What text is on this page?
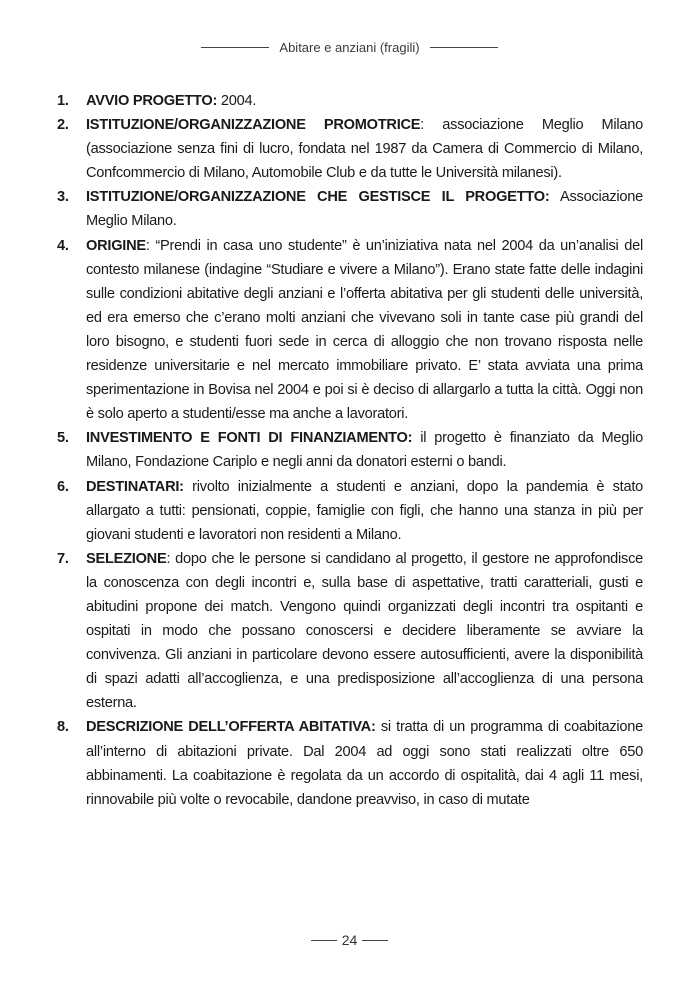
Abitare e anziani (fragili)
1. AVVIO PROGETTO: 2004.
2. ISTITUZIONE/ORGANIZZAZIONE PROMOTRICE: associazione Meglio Milano (associazione senza fini di lucro, fondata nel 1987 da Camera di Commercio di Milano, Confcommercio di Milano, Automobile Club e da tutte le Università milanesi).
3. ISTITUZIONE/ORGANIZZAZIONE CHE GESTISCE IL PROGETTO: Associazione Meglio Milano.
4. ORIGINE: “Prendi in casa uno studente” è un’iniziativa nata nel 2004 da un’analisi del contesto milanese (indagine “Studiare e vivere a Milano”). Erano state fatte delle indagini sulle condizioni abitative degli anziani e l’offerta abitativa per gli studenti delle università, ed era emerso che c’erano molti anziani che vivevano soli in tante case più grandi del loro bisogno, e studenti fuori sede in cerca di alloggio che non trovano risposta nelle residenze universitarie e nel mercato immobiliare privato. E’ stata avviata una prima sperimentazione in Bovisa nel 2004 e poi si è deciso di allargarlo a tutta la città. Oggi non è solo aperto a studenti/esse ma anche a lavoratori.
5. INVESTIMENTO E FONTI DI FINANZIAMENTO: il progetto è finanziato da Meglio Milano, Fondazione Cariplo e negli anni da donatori esterni o bandi.
6. DESTINATARI: rivolto inizialmente a studenti e anziani, dopo la pandemia è stato allargato a tutti: pensionati, coppie, famiglie con figli, che hanno una stanza in più per giovani studenti e lavoratori non residenti a Milano.
7. SELEZIONE: dopo che le persone si candidano al progetto, il gestore ne approfondisce la conoscenza con degli incontri e, sulla base di aspettative, tratti caratteriali, gusti e abitudini propone dei match. Vengono quindi organizzati degli incontri tra ospitanti e ospitati in modo che possano conoscersi e decidere liberamente se avviare la convivenza. Gli anziani in particolare devono essere autosufficienti, avere la disponibilità di spazi adatti all’accoglienza, e una predisposizione all’accoglienza di una persona esterna.
8. DESCRIZIONE DELL’OFFERTA ABITATIVA: si tratta di un programma di coabitazione all’interno di abitazioni private. Dal 2004 ad oggi sono stati realizzati oltre 650 abbinamenti. La coabitazione è regolata da un accordo di ospitalità, dai 4 agli 11 mesi, rinnovabile più volte o revocabile, dandone preavviso, in caso di mutate
24
